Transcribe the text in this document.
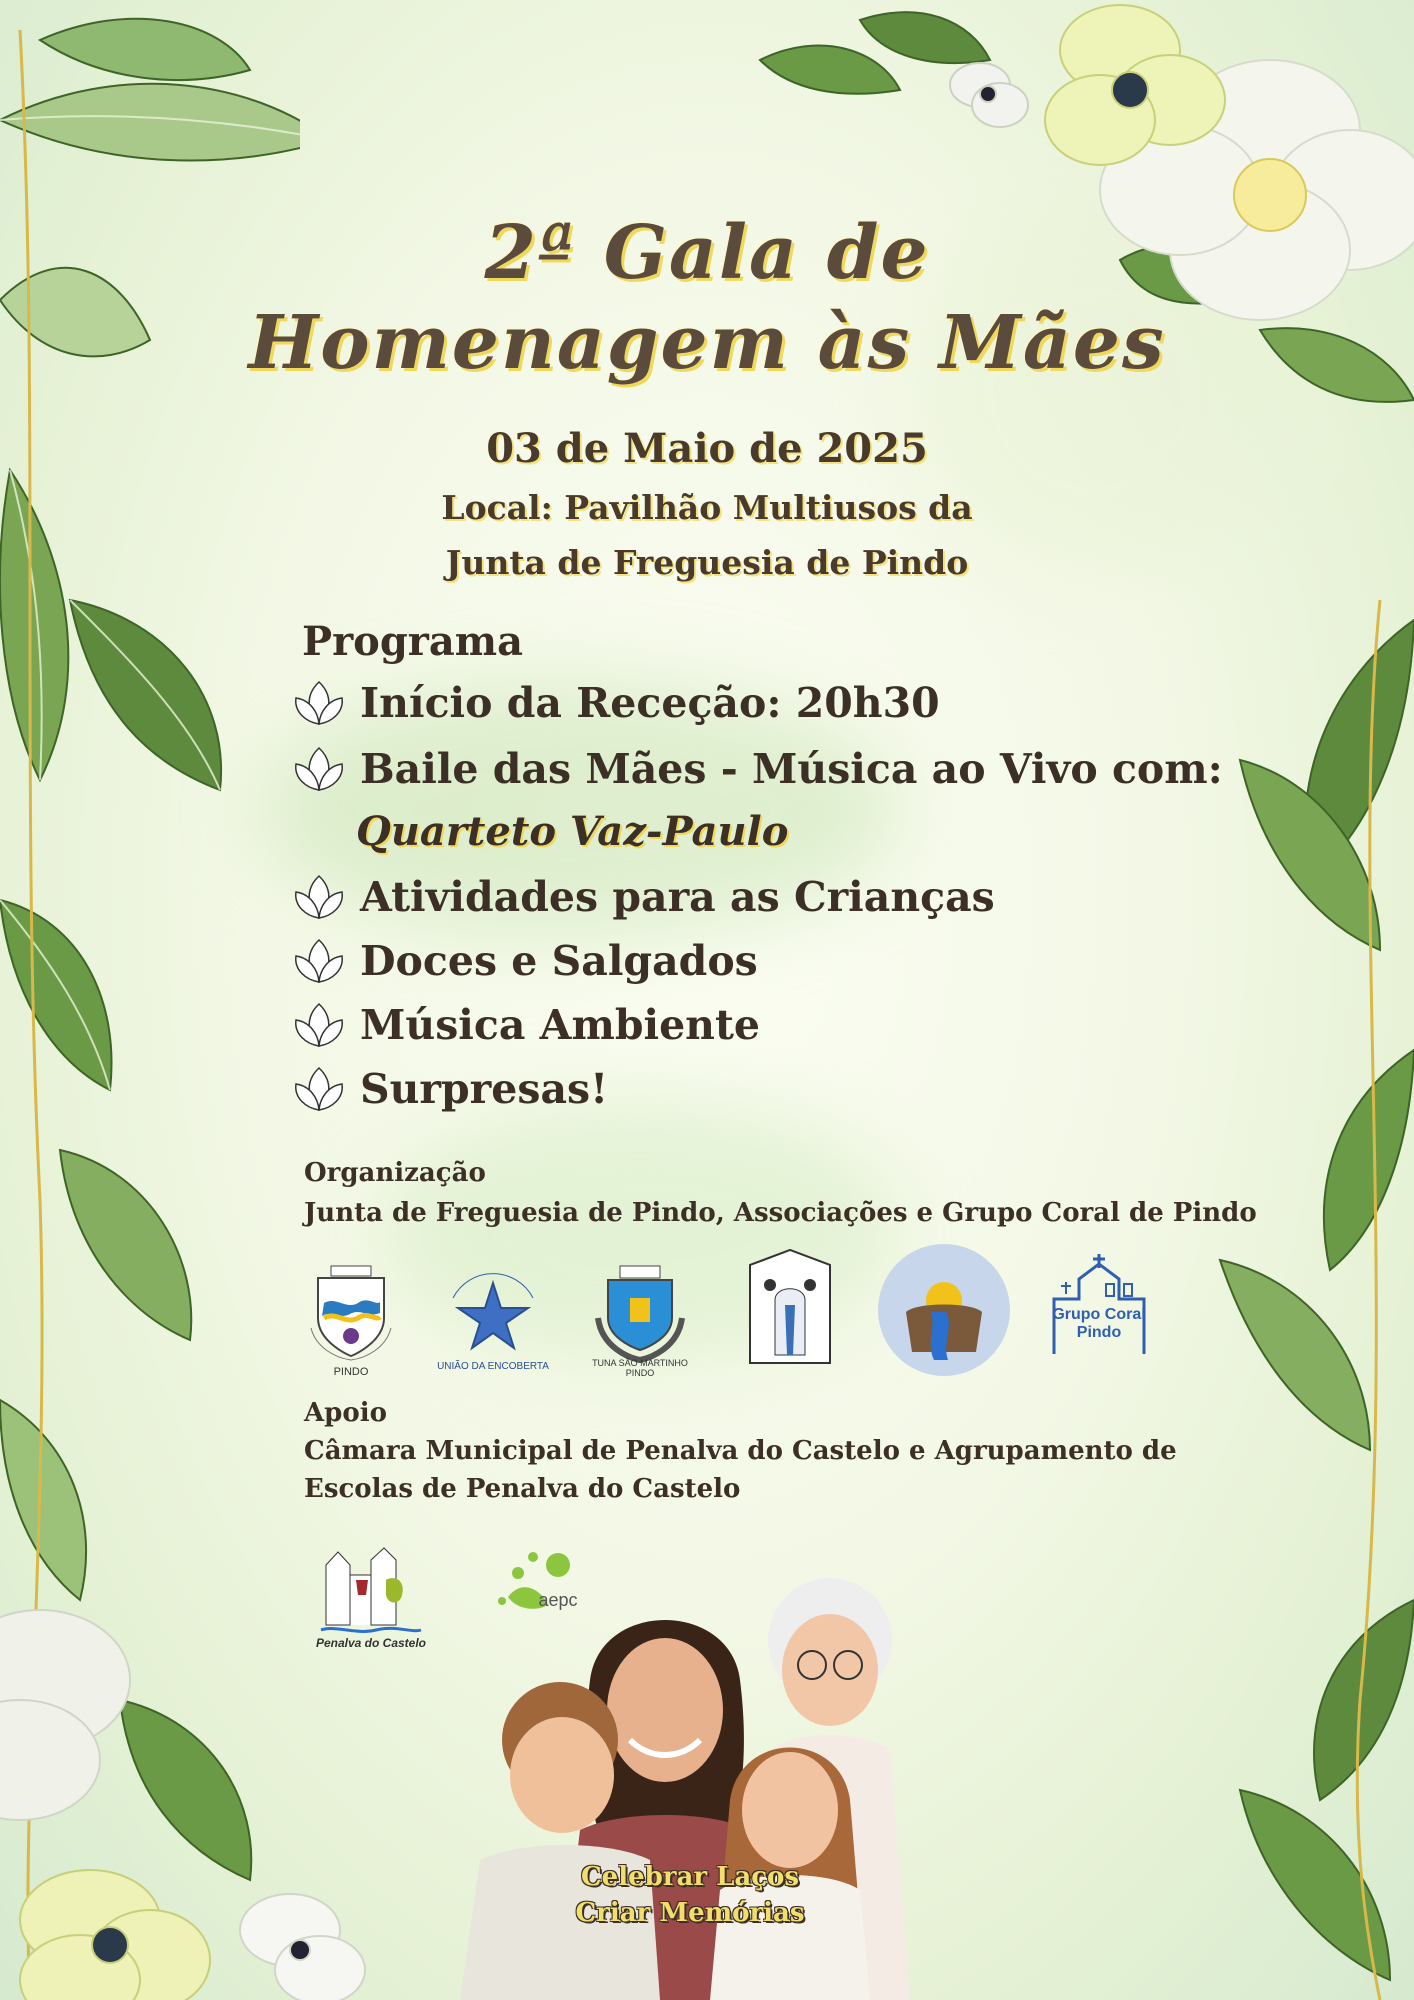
2ª Gala de
Homenagem às Mães
03 de Maio de 2025
Local: Pavilhão Multiusos da
Junta de Freguesia de Pindo
Programa
Início da Receção: 20h30
Baile das Mães - Música ao Vivo com:
Quarteto Vaz-Paulo
Atividades para as Crianças
Doces e Salgados
Música Ambiente
Surpresas!
Organização
Junta de Freguesia de Pindo, Associações e Grupo Coral de Pindo
PINDO	UNIÃO DA ENCOBERTA	TUNA SÃO MARTINHO PINDO
Grupo Coral Pindo
Apoio
Câmara Municipal de Penalva do Castelo e Agrupamento de
Escolas de Penalva do Castelo
Penalva do Castelo
aepc
Celebrar Laços
Criar Memórias
